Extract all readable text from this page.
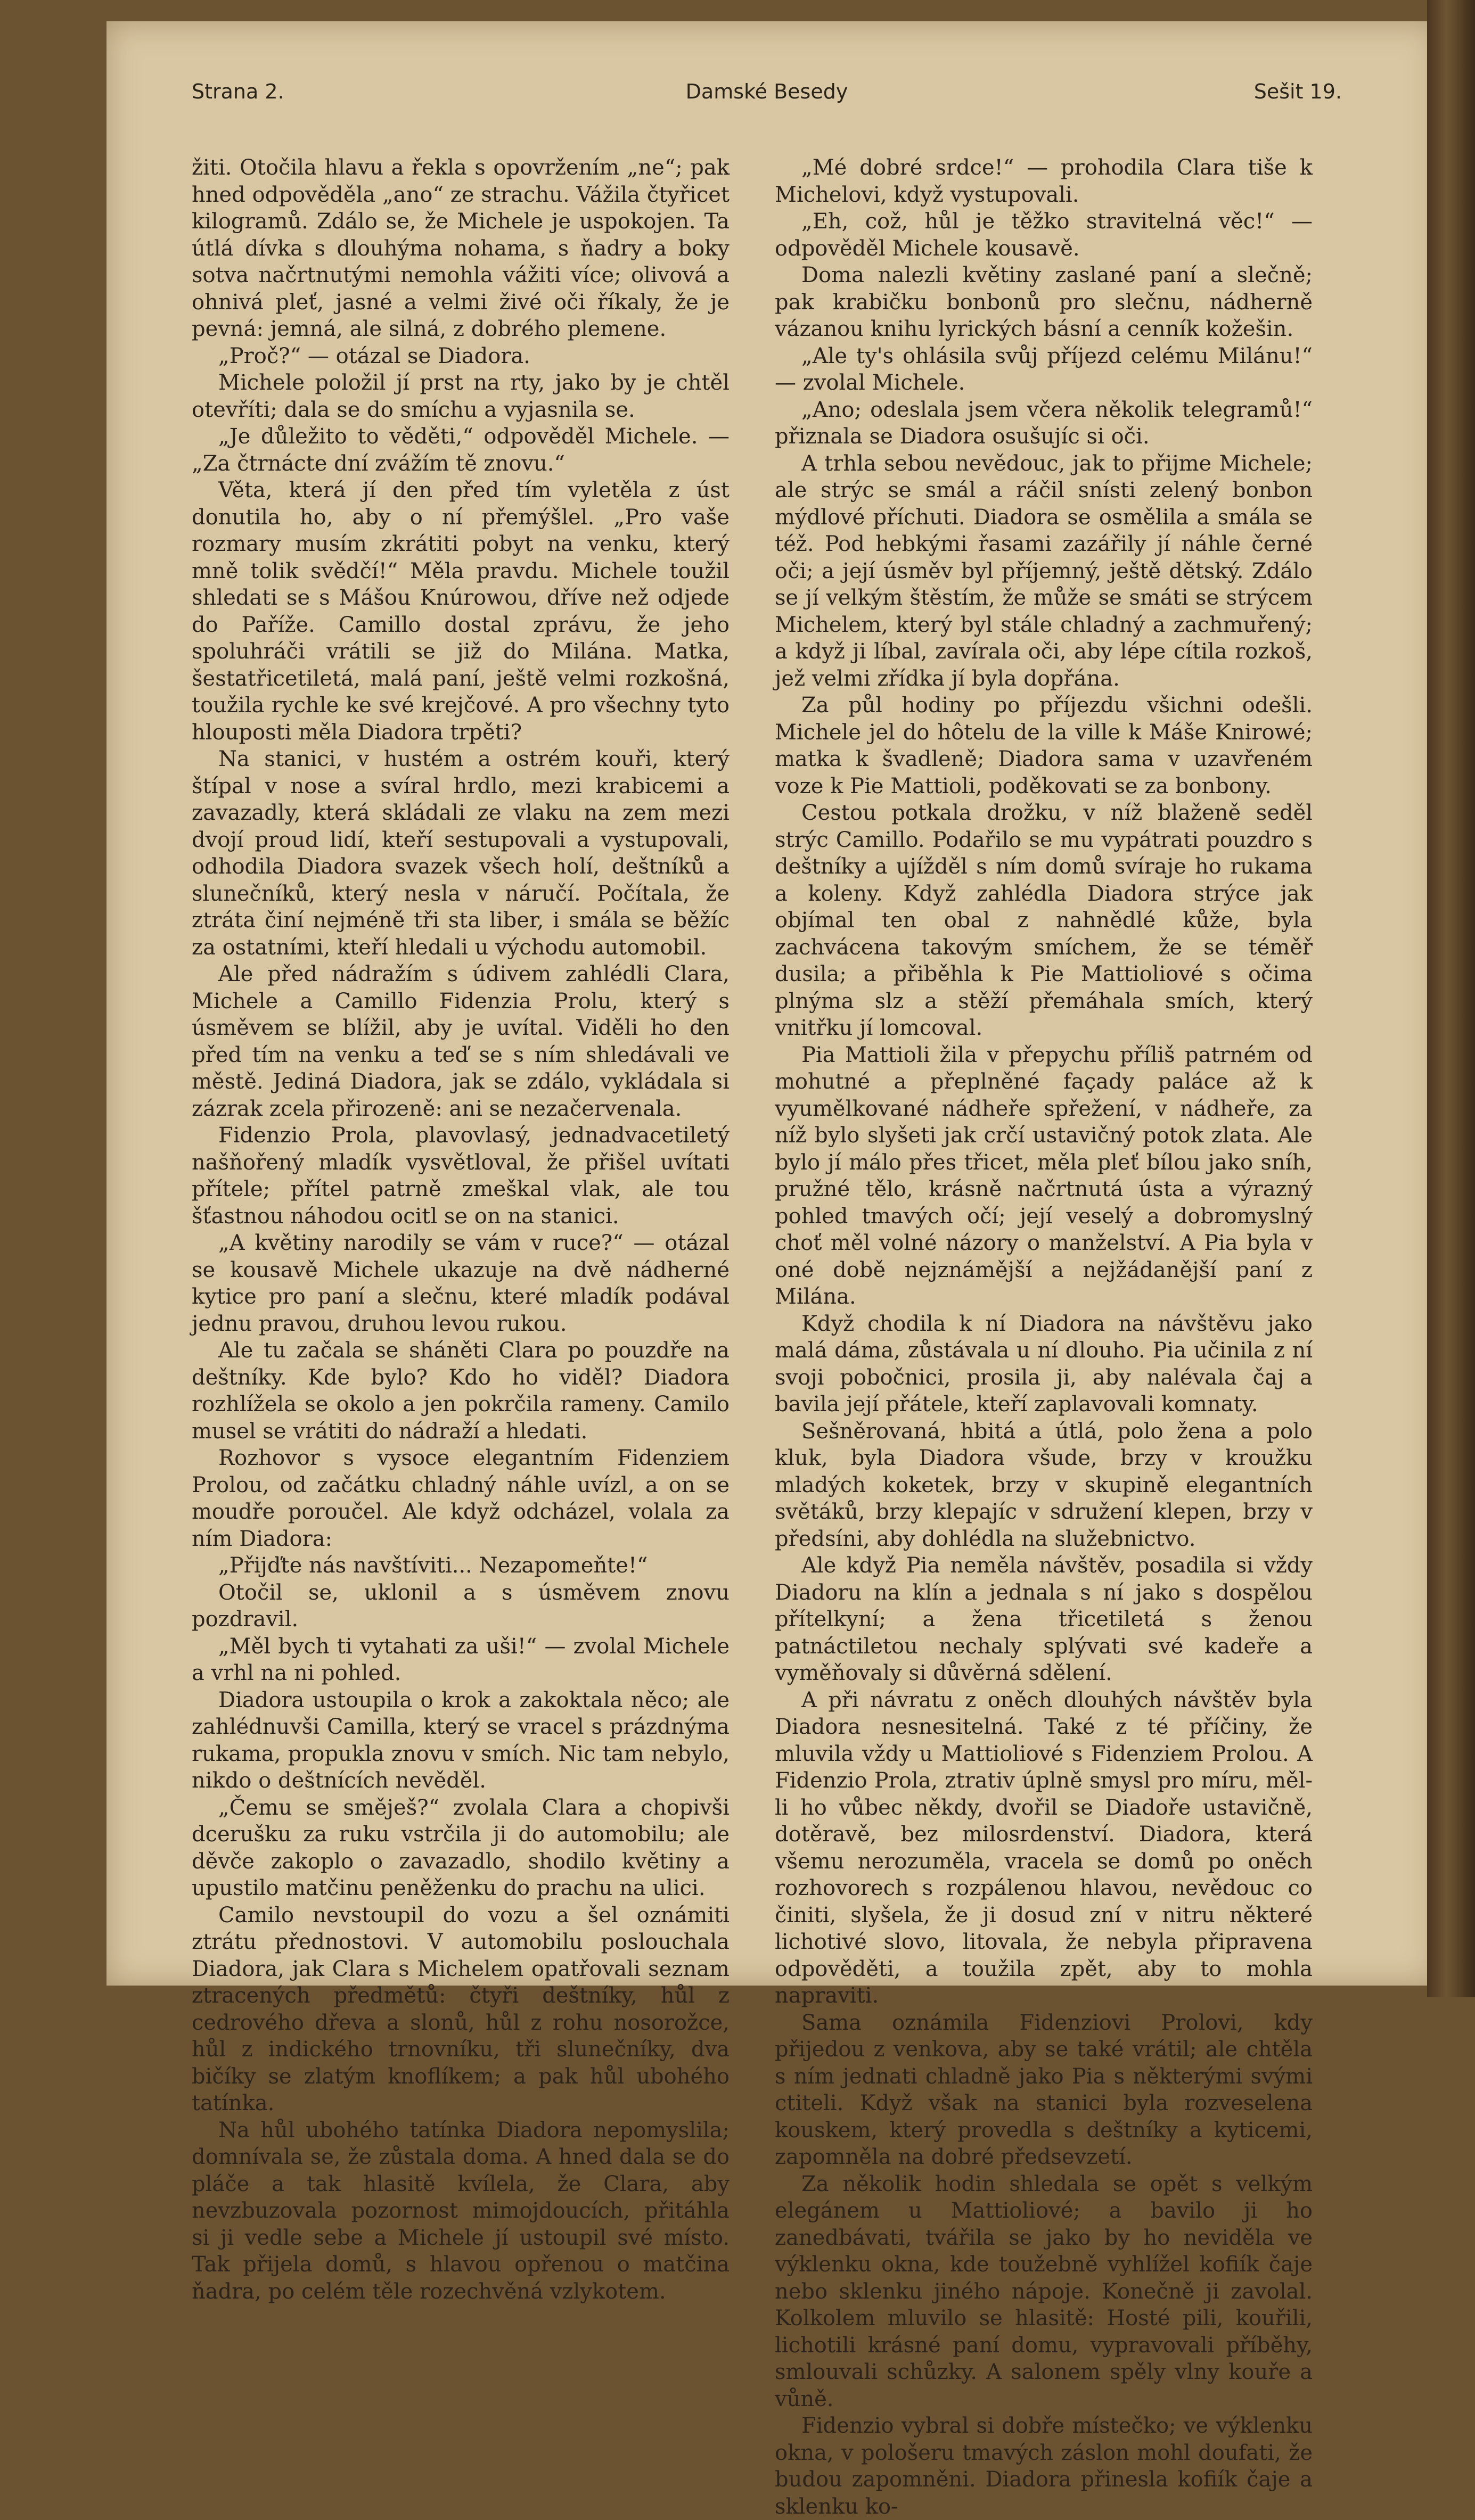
Strana 2.	Damské Besedy	Sešit 19.

žiti. Otočila hlavu a řekla s opovržením „ne“; pak hned odpověděla „ano“ ze strachu. Vážila čtyřicet kilogramů. Zdálo se, že Michele je uspokojen. Ta útlá dívka s dlouhýma nohama, s ňadry a boky sotva načrtnutými nemohla vážiti více; olivová a ohnivá pleť, jasné a velmi živé oči říkaly, že je pevná: jemná, ale silná, z dobrého plemene.

„Proč?“ — otázal se Diadora.

Michele položil jí prst na rty, jako by je chtěl otevříti; dala se do smíchu a vyjasnila se.

„Je důležito to věděti,“ odpověděl Michele. — „Za čtrnácte dní zvážím tě znovu.“

Věta, která jí den před tím vyletěla z úst donutila ho, aby o ní přemýšlel. „Pro vaše rozmary musím zkrátiti pobyt na venku, který mně tolik svědčí!“ Měla pravdu. Michele toužil shledati se s Mášou Knúrowou, dříve než odjede do Paříže. Camillo dostal zprávu, že jeho spoluhráči vrátili se již do Milána. Matka, šestatřicetiletá, malá paní, ještě velmi rozkošná, toužila rychle ke své krejčové. A pro všechny tyto hlouposti měla Diadora trpěti?

Na stanici, v hustém a ostrém kouři, který štípal v nose a svíral hrdlo, mezi krabicemi a zavazadly, která skládali ze vlaku na zem mezi dvojí proud lidí, kteří sestupovali a vystupovali, odhodila Diadora svazek všech holí, deštníků a slunečníků, který nesla v náručí. Počítala, že ztráta činí nejméně tři sta liber, i smála se běžíc za ostatními, kteří hledali u východu automobil.

Ale před nádražím s údivem zahlédli Clara, Michele a Camillo Fidenzia Prolu, který s úsměvem se blížil, aby je uvítal. Viděli ho den před tím na venku a teď se s ním shledávali ve městě. Jediná Diadora, jak se zdálo, vykládala si zázrak zcela přirozeně: ani se nezačervenala.

Fidenzio Prola, plavovlasý, jednadvacetiletý našňořený mladík vysvětloval, že přišel uvítati přítele; přítel patrně zmeškal vlak, ale tou šťastnou náhodou ocitl se on na stanici.

„A květiny narodily se vám v ruce?“ — otázal se kousavě Michele ukazuje na dvě nádherné kytice pro paní a slečnu, které mladík podával jednu pravou, druhou levou rukou.

Ale tu začala se sháněti Clara po pouzdře na deštníky. Kde bylo? Kdo ho viděl? Diadora rozhlížela se okolo a jen pokrčila rameny. Camilo musel se vrátiti do nádraží a hledati.

Rozhovor s vysoce elegantním Fidenziem Prolou, od začátku chladný náhle uvízl, a on se moudře poroučel. Ale když odcházel, volala za ním Diadora:

„Přijďte nás navštíviti... Nezapomeňte!“

Otočil se, uklonil a s úsměvem znovu pozdravil.

„Měl bych ti vytahati za uši!“ — zvolal Michele a vrhl na ni pohled.

Diadora ustoupila o krok a zakoktala něco; ale zahlédnuvši Camilla, který se vracel s prázdnýma rukama, propukla znovu v smích. Nic tam nebylo, nikdo o deštnících nevěděl.

„Čemu se směješ?“ zvolala Clara a chopivši dcerušku za ruku vstrčila ji do automobilu; ale děvče zakoplo o zavazadlo, shodilo květiny a upustilo matčinu peněženku do prachu na ulici.

Camilo nevstoupil do vozu a šel oznámiti ztrátu přednostovi. V automobilu poslouchala Diadora, jak Clara s Michelem opatřovali seznam ztracených předmětů: čtyři deštníky, hůl z cedrového dřeva a slonů, hůl z rohu nosorožce, hůl z indického trnovníku, tři slunečníky, dva bičíky se zlatým knoflíkem; a pak hůl ubohého tatínka.

Na hůl ubohého tatínka Diadora nepomyslila; domnívala se, že zůstala doma. A hned dala se do pláče a tak hlasitě kvílela, že Clara, aby nevzbuzovala pozornost mimojdoucích, přitáhla si ji vedle sebe a Michele jí ustoupil své místo. Tak přijela domů, s hlavou opřenou o matčina ňadra, po celém těle rozechvěná vzlykotem.

„Mé dobré srdce!“ — prohodila Clara tiše k Michelovi, když vystupovali.

„Eh, což, hůl je těžko stravitelná věc!“ — odpověděl Michele kousavě.

Doma nalezli květiny zaslané paní a slečně; pak krabičku bonbonů pro slečnu, nádherně vázanou knihu lyrických básní a cenník kožešin.

„Ale ty's ohlásila svůj příjezd celému Milánu!“ — zvolal Michele.

„Ano; odeslala jsem včera několik telegramů!“ přiznala se Diadora osušujíc si oči.

A trhla sebou nevědouc, jak to přijme Michele; ale strýc se smál a ráčil snísti zelený bonbon mýdlové příchuti. Diadora se osmělila a smála se též. Pod hebkými řasami zazářily jí náhle černé oči; a její úsměv byl příjemný, ještě dětský. Zdálo se jí velkým štěstím, že může se smáti se strýcem Michelem, který byl stále chladný a zachmuřený; a když ji líbal, zavírala oči, aby lépe cítila rozkoš, jež velmi zřídka jí byla dopřána.

Za půl hodiny po příjezdu všichni odešli. Michele jel do hôtelu de la ville k Máše Knirowé; matka k švadleně; Diadora sama v uzavřeném voze k Pie Mattioli, poděkovati se za bonbony.

Cestou potkala drožku, v níž blaženě seděl strýc Camillo. Podařilo se mu vypátrati pouzdro s deštníky a ujížděl s ním domů svíraje ho rukama a koleny. Když zahlédla Diadora strýce jak objímal ten obal z nahnědlé kůže, byla zachvácena takovým smíchem, že se téměř dusila; a přiběhla k Pie Mattioliové s očima plnýma slz a stěží přemáhala smích, který vnitřku jí lomcoval.

Pia Mattioli žila v přepychu příliš patrném od mohutné a přeplněné façady paláce až k vyumělkované nádheře spřežení, v nádheře, za níž bylo slyšeti jak crčí ustavičný potok zlata. Ale bylo jí málo přes třicet, měla pleť bílou jako sníh, pružné tělo, krásně načrtnutá ústa a výrazný pohled tmavých očí; její veselý a dobromyslný choť měl volné názory o manželství. A Pia byla v oné době nejznámější a nejžádanější paní z Milána.

Když chodila k ní Diadora na návštěvu jako malá dáma, zůstávala u ní dlouho. Pia učinila z ní svoji pobočnici, prosila ji, aby nalévala čaj a bavila její přátele, kteří zaplavovali komnaty.

Sešněrovaná, hbitá a útlá, polo žena a polo kluk, byla Diadora všude, brzy v kroužku mladých koketek, brzy v skupině elegantních světáků, brzy klepajíc v sdružení klepen, brzy v předsíni, aby dohlédla na služebnictvo.

Ale když Pia neměla návštěv, posadila si vždy Diadoru na klín a jednala s ní jako s dospělou přítelkyní; a žena třicetiletá s ženou patnáctiletou nechaly splývati své kadeře a vyměňovaly si důvěrná sdělení.

A při návratu z oněch dlouhých návštěv byla Diadora nesnesitelná. Také z té příčiny, že mluvila vždy u Mattioliové s Fidenziem Prolou. A Fidenzio Prola, ztrativ úplně smysl pro míru, měl-li ho vůbec někdy, dvořil se Diadoře ustavičně, dotěravě, bez milosrdenství. Diadora, která všemu nerozuměla, vracela se domů po oněch rozhovorech s rozpálenou hlavou, nevědouc co činiti, slyšela, že ji dosud zní v nitru některé lichotivé slovo, litovala, že nebyla připravena odpověděti, a toužila zpět, aby to mohla napraviti.

Sama oznámila Fidenziovi Prolovi, kdy přijedou z venkova, aby se také vrátil; ale chtěla s ním jednati chladně jako Pia s některými svými ctiteli. Když však na stanici byla rozveselena kouskem, který provedla s deštníky a kyticemi, zapomněla na dobré předsevzetí.

Za několik hodin shledala se opět s velkým elegánem u Mattioliové; a bavilo ji ho zanedbávati, tvářila se jako by ho neviděla ve výklenku okna, kde toužebně vyhlížel kofiík čaje nebo sklenku jiného nápoje. Konečně ji zavolal. Kolkolem mluvilo se hlasitě: Hosté pili, kouřili, lichotili krásné paní domu, vypravovali příběhy, smlouvali schůzky. A salonem spěly vlny kouře a vůně.

Fidenzio vybral si dobře místečko; ve výklenku okna, v pološeru tmavých záslon mohl doufati, že budou zapomněni. Diadora přinesla kofiík čaje a sklenku ko-
